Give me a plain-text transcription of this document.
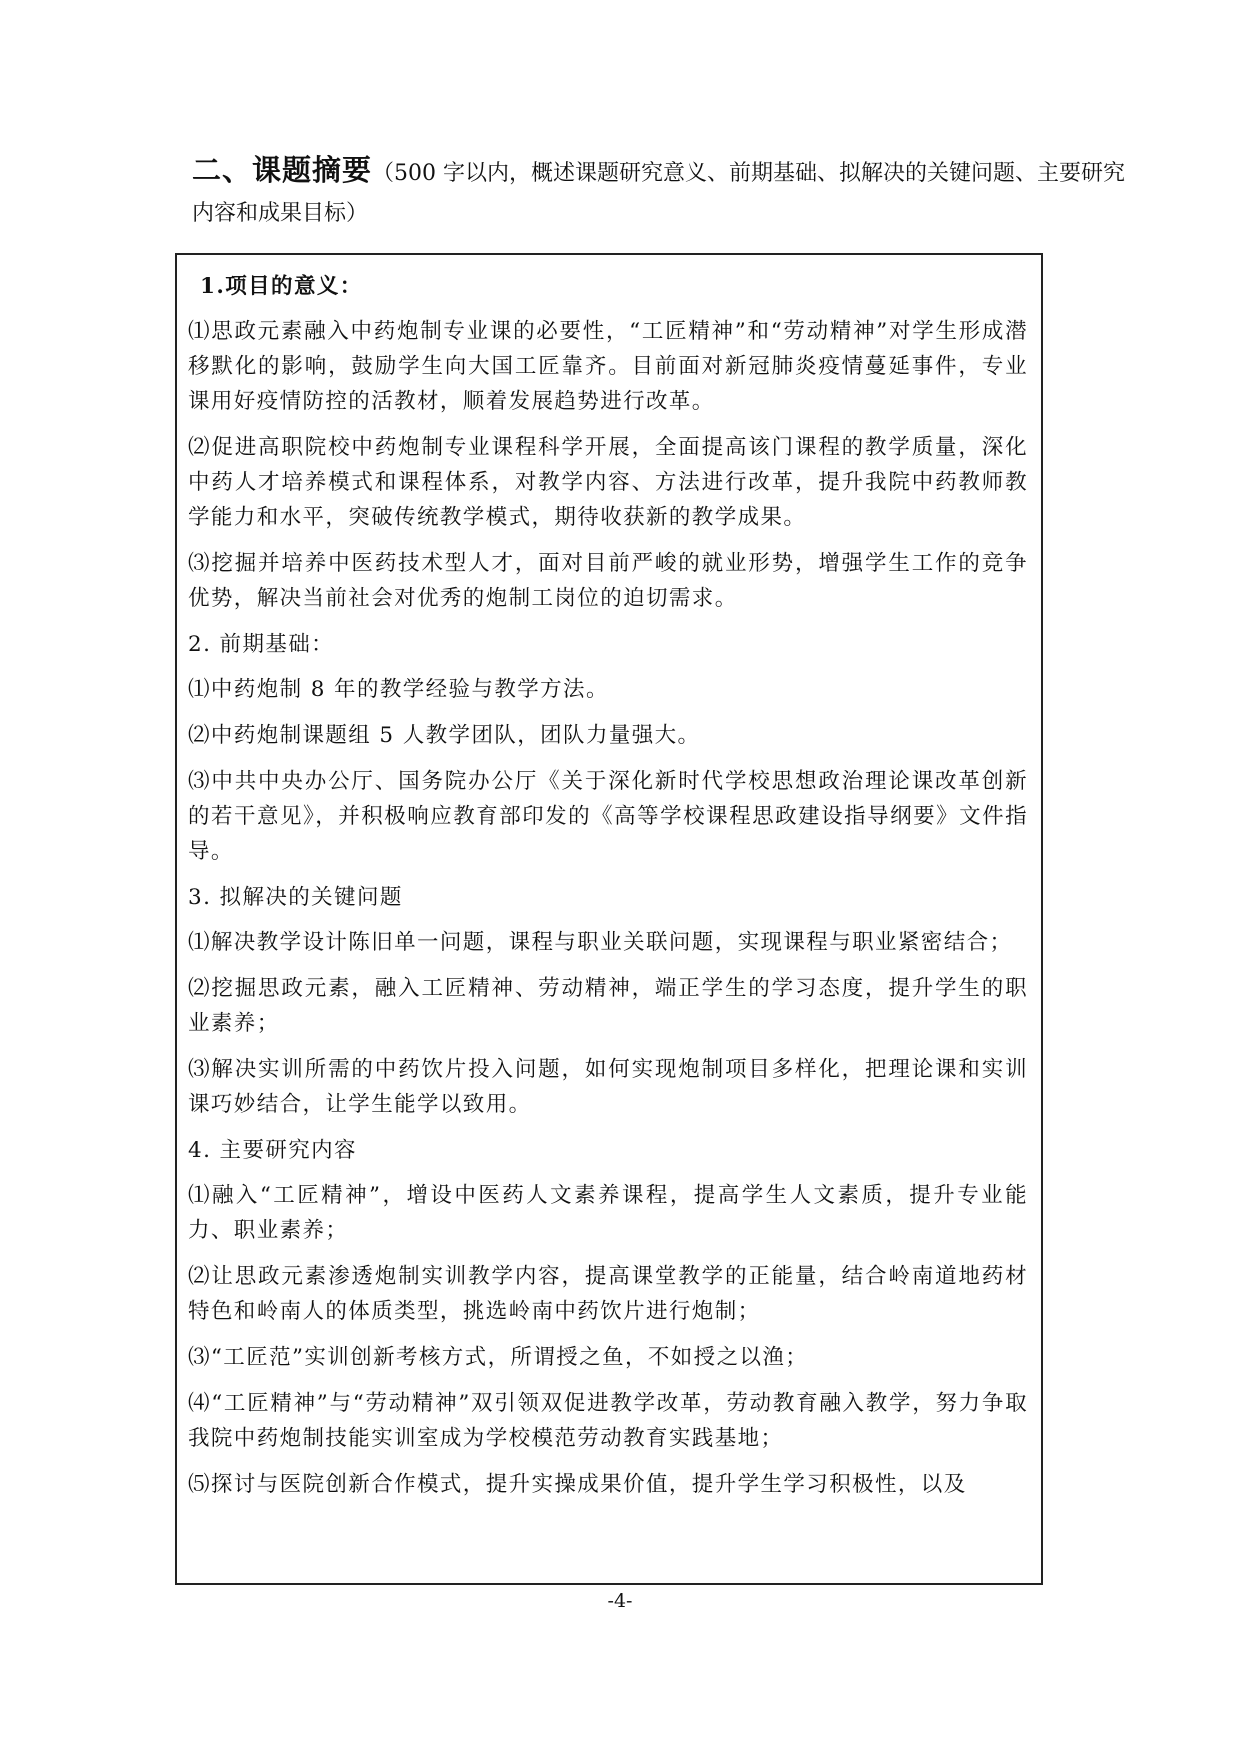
二、课题摘要（500 字以内，概述课题研究意义、前期基础、拟解决的关键问题、主要研究内容和成果目标）

1.项目的意义：

⑴思政元素融入中药炮制专业课的必要性，“工匠精神”和“劳动精神”对学生形成潜移默化的影响，鼓励学生向大国工匠靠齐。目前面对新冠肺炎疫情蔓延事件，专业课用好疫情防控的活教材，顺着发展趋势进行改革。

⑵促进高职院校中药炮制专业课程科学开展，全面提高该门课程的教学质量，深化中药人才培养模式和课程体系，对教学内容、方法进行改革，提升我院中药教师教学能力和水平，突破传统教学模式，期待收获新的教学成果。

⑶挖掘并培养中医药技术型人才，面对目前严峻的就业形势，增强学生工作的竞争优势，解决当前社会对优秀的炮制工岗位的迫切需求。

2. 前期基础：

⑴中药炮制 8 年的教学经验与教学方法。

⑵中药炮制课题组 5 人教学团队，团队力量强大。

⑶中共中央办公厅、国务院办公厅《关于深化新时代学校思想政治理论课改革创新的若干意见》，并积极响应教育部印发的《高等学校课程思政建设指导纲要》文件指导。

3. 拟解决的关键问题

⑴解决教学设计陈旧单一问题，课程与职业关联问题，实现课程与职业紧密结合；

⑵挖掘思政元素，融入工匠精神、劳动精神，端正学生的学习态度，提升学生的职业素养；

⑶解决实训所需的中药饮片投入问题，如何实现炮制项目多样化，把理论课和实训课巧妙结合，让学生能学以致用。

4. 主要研究内容

⑴融入“工匠精神”，增设中医药人文素养课程，提高学生人文素质，提升专业能力、职业素养；

⑵让思政元素渗透炮制实训教学内容，提高课堂教学的正能量，结合岭南道地药材特色和岭南人的体质类型，挑选岭南中药饮片进行炮制；

⑶“工匠范”实训创新考核方式，所谓授之鱼，不如授之以渔；

⑷“工匠精神”与“劳动精神”双引领双促进教学改革，劳动教育融入教学，努力争取我院中药炮制技能实训室成为学校模范劳动教育实践基地；

⑸探讨与医院创新合作模式，提升实操成果价值，提升学生学习积极性，以及

-4-
